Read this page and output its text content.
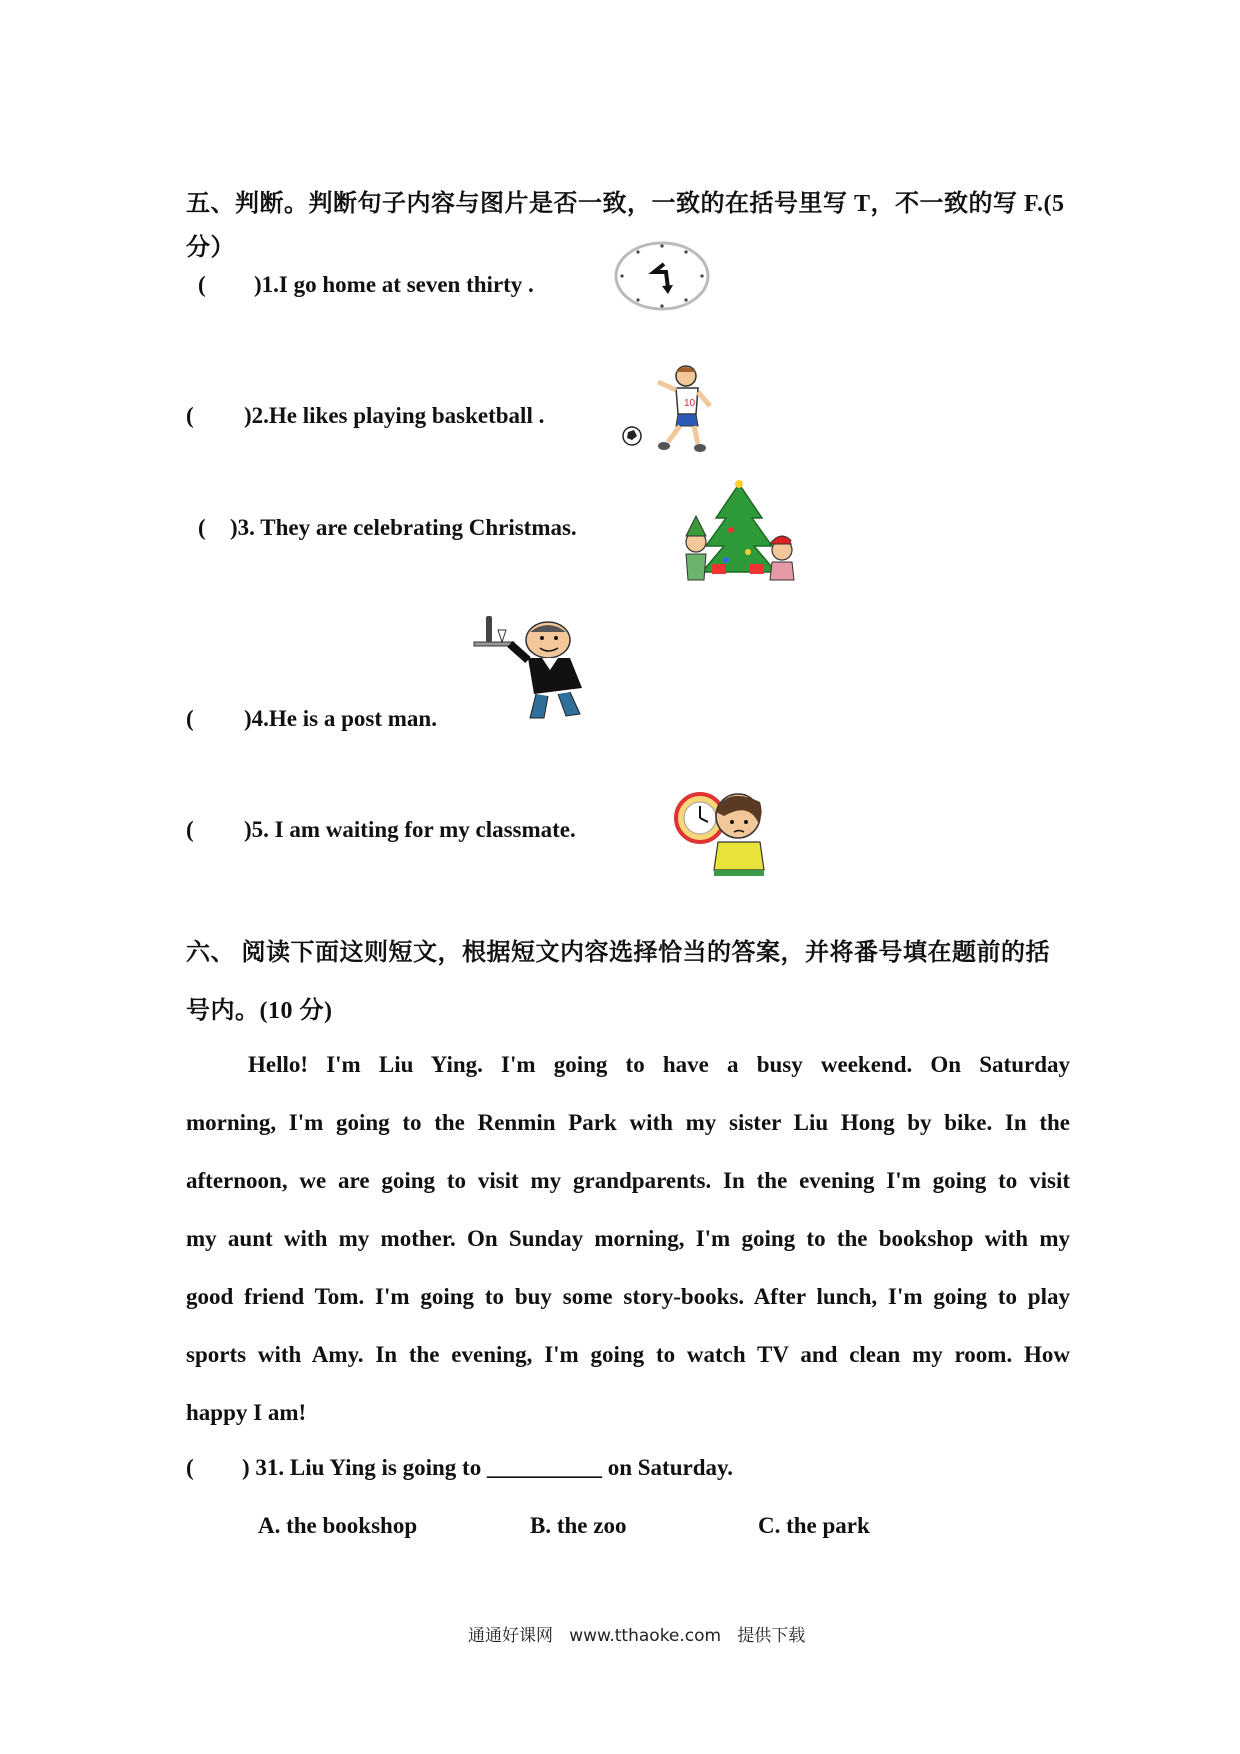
五、判断。判断句子内容与图片是否一致，一致的在括号里写 T，不一致的写 F.(5
分）
( )1.I go home at seven thirty .
( )2.He likes playing basketball .	10
( )3. They are celebrating Christmas.
( )4.He is a post man.
( )5. I am waiting for my classmate.
六、 阅读下面这则短文，根据短文内容选择恰当的答案，并将番号填在题前的括
号内。(10 分)
Hello! I'm Liu Ying. I'm going to have a busy weekend. On Saturday
morning, I'm going to the Renmin Park with my sister Liu Hong by bike. In the
afternoon, we are going to visit my grandparents. In the evening I'm going to visit
my aunt with my mother. On Sunday morning, I'm going to the bookshop with my
good friend Tom. I'm going to buy some story-books. After lunch, I'm going to play
sports with Amy. In the evening, I'm going to watch TV and clean my room. How
happy I am!
( ) 31. Liu Ying is going to __________ on Saturday.
A. the bookshop	B. the zoo	C. the park
通通好课网   www.tthaoke.com   提供下载
